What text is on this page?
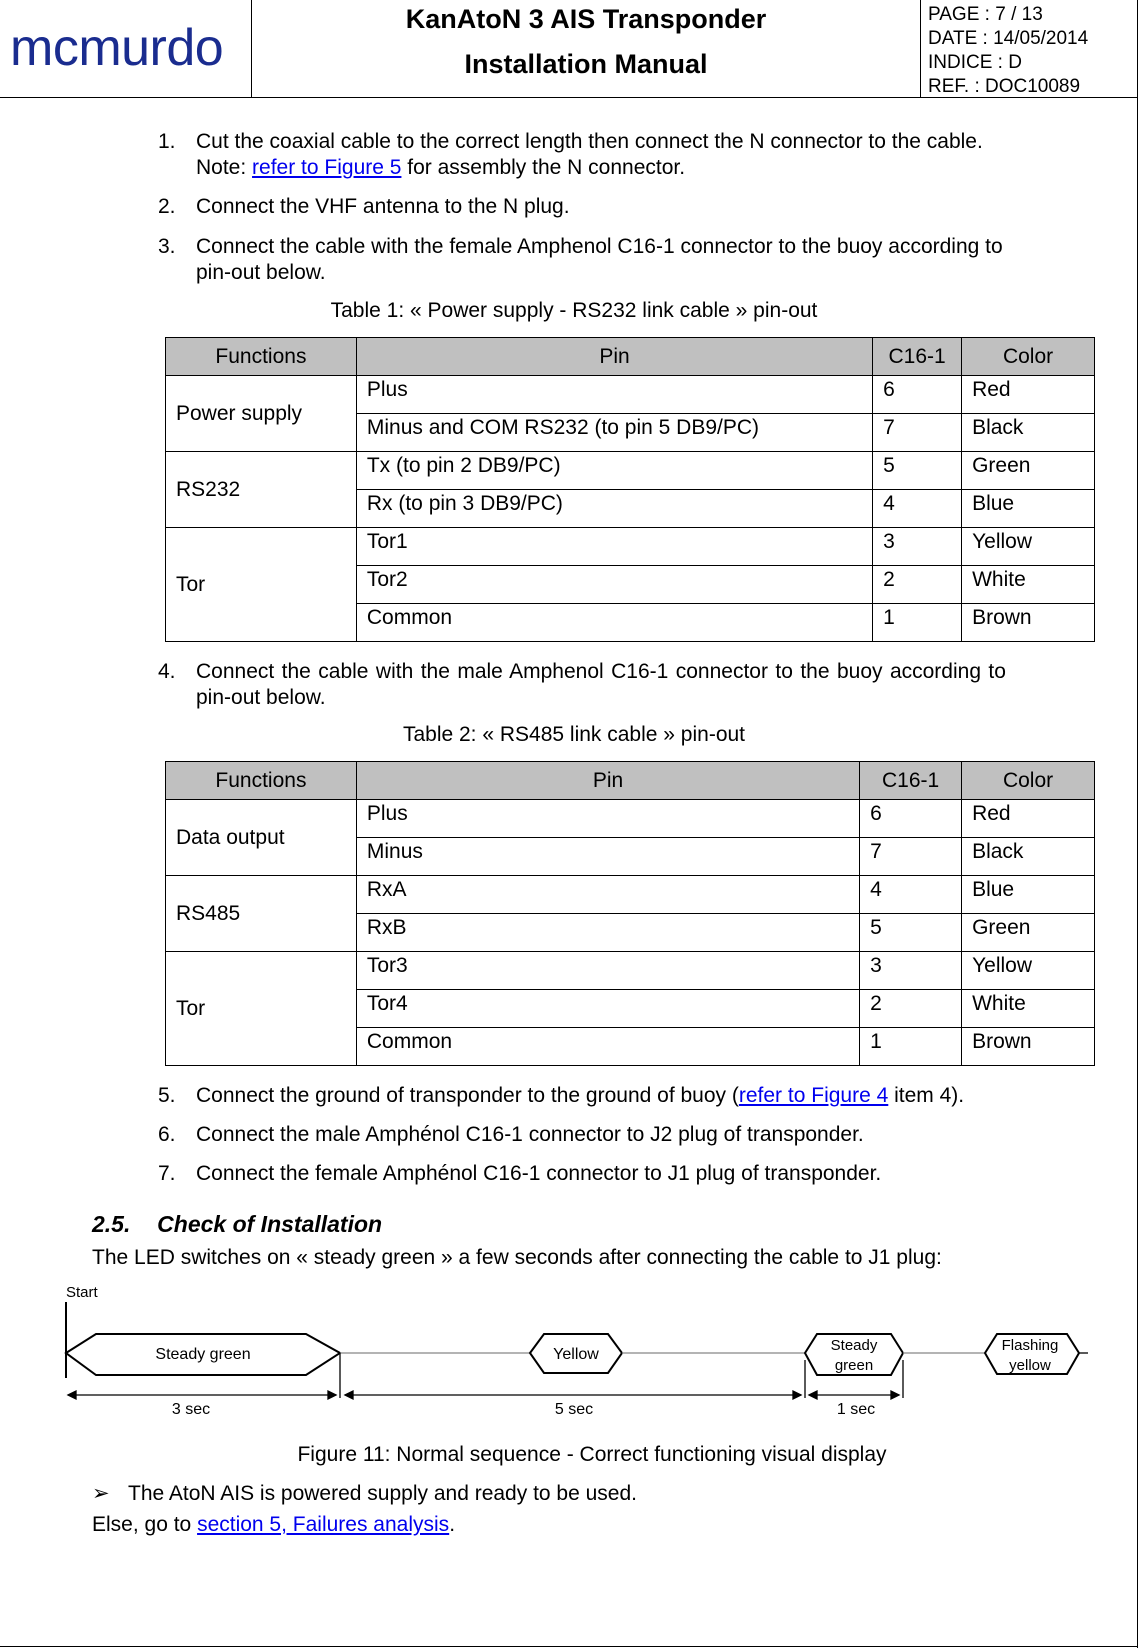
mcmurdo	KanAtoN 3 AIS Transponder
Installation Manual
PAGE : 7 / 13
DATE : 14/05/2014
INDICE : D
REF. : DOC10089
1. Cut the coaxial cable to the correct length then connect the N connector to the cable.
Note: refer to Figure 5 for assembly the N connector.
2. Connect the VHF antenna to the N plug.
3. Connect the cable with the female Amphenol C16-1 connector to the buoy according to
pin-out below.
Table 1: « Power supply - RS232 link cable » pin-out
Functions	Pin	C16-1	Color
Power supply	Plus	6	Red
	Minus and COM RS232 (to pin 5 DB9/PC)	7	Black
RS232	Tx (to pin 2 DB9/PC)	5	Green
	Rx (to pin 3 DB9/PC)	4	Blue
Tor	Tor1	3	Yellow
	Tor2	2	White
	Common	1	Brown
4. Connect the cable with the male Amphenol C16-1 connector to the buoy according to
pin-out below.
Table 2: « RS485 link cable » pin-out
Functions	Pin	C16-1	Color
Data output	Plus	6	Red
	Minus	7	Black
RS485	RxA	4	Blue
	RxB	5	Green
Tor	Tor3	3	Yellow
	Tor4	2	White
	Common	1	Brown
5. Connect the ground of transponder to the ground of buoy (refer to Figure 4 item 4).
6. Connect the male Amphénol C16-1 connector to J2 plug of transponder.
7. Connect the female Amphénol C16-1 connector to J1 plug of transponder.
2.5. Check of Installation
The LED switches on « steady green » a few seconds after connecting the cable to J1 plug:
Start
Steady green	Yellow
Steady
green
Flashing
yellow
3 sec	5 sec	1 sec
Figure 11: Normal sequence - Correct functioning visual display
➢ The AtoN AIS is powered supply and ready to be used.
Else, go to section 5, Failures analysis.
